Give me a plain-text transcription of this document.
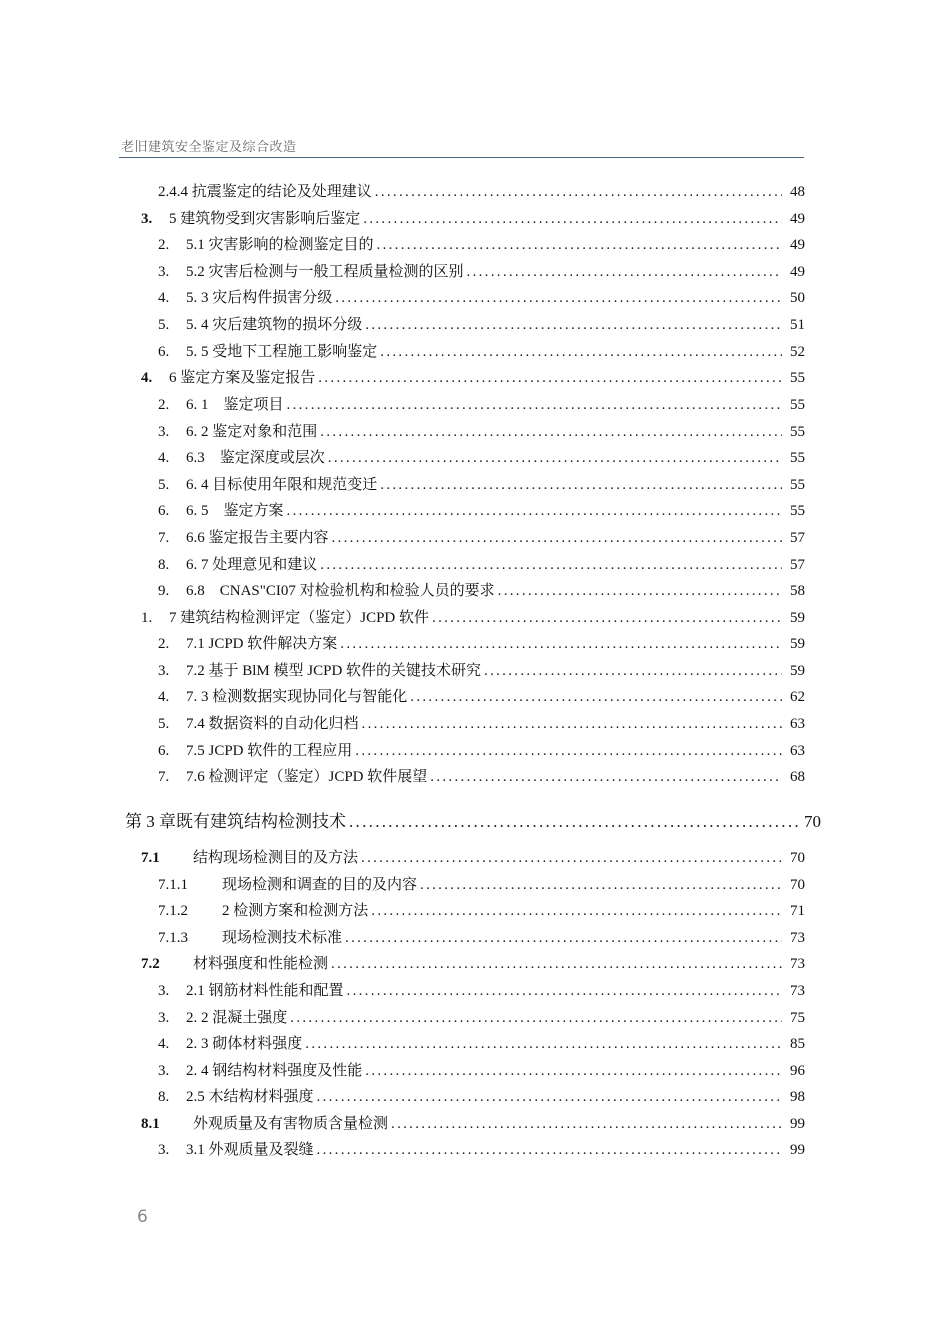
老旧建筑安全鉴定及综合改造
2.4.4 抗震鉴定的结论及处理建议 .....	48
3.	5 建筑物受到灾害影响后鉴定 .....	49
2.	5.1 灾害影响的检测鉴定目的 .....	49
3.	5.2 灾害后检测与一般工程质量检测的区别 .....	49
4.	5. 3 灾后构件损害分级 .....	50
5.	5. 4 灾后建筑物的损坏分级 .....	51
6.	5. 5 受地下工程施工影响鉴定 .....	52
4.	6 鉴定方案及鉴定报告 .....	55
2.	6. 1　鉴定项目 .....	55
3.	6. 2 鉴定对象和范围 .....	55
4.	6.3　鉴定深度或层次 .....	55
5.	6. 4 目标使用年限和规范变迁 .....	55
6.	6. 5　鉴定方案 .....	55
7.	6.6 鉴定报告主要内容 .....	57
8.	6. 7 处理意见和建议 .....	57
9.	6.8　CNAS"CI07 对检验机构和检验人员的要求 .....	58
1.	7 建筑结构检测评定（鉴定）JCPD 软件 .....	59
2.	7.1 JCPD 软件解决方案 .....	59
3.	7.2 基于 BlM 模型 JCPD 软件的关键技术研究 .....	59
4.	7. 3 检测数据实现协同化与智能化 .....	62
5.	7.4 数据资料的自动化归档 .....	63
6.	7.5 JCPD 软件的工程应用 .....	63
7.	7.6 检测评定（鉴定）JCPD 软件展望 .....	68
第 3 章既有建筑结构检测技术 .....	70
7.1	结构现场检测目的及方法 .....	70
7.1.1	现场检测和调查的目的及内容 .....	70
7.1.2	2 检测方案和检测方法 .....	71
7.1.3	现场检测技术标准 .....	73
7.2	材料强度和性能检测 .....	73
3.	2.1 钢筋材料性能和配置 .....	73
3.	2. 2 混凝土强度 .....	75
4.	2. 3 砌体材料强度 .....	85
3.	2. 4 钢结构材料强度及性能 .....	96
8.	2.5 木结构材料强度 .....	98
8.1	外观质量及有害物质含量检测 .....	99
3.	3.1 外观质量及裂缝 .....	99
6
